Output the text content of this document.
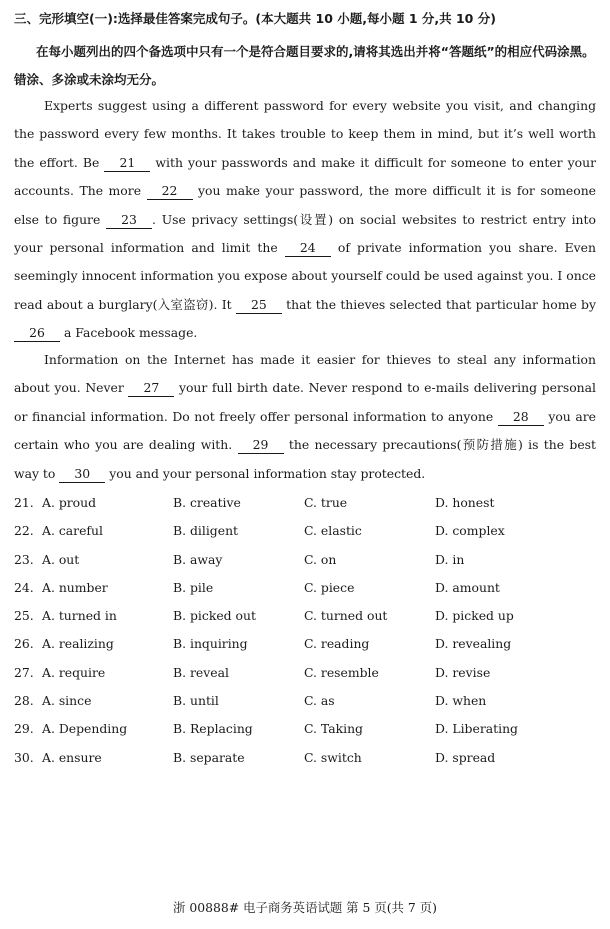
三、完形填空(一):选择最佳答案完成句子。(本大题共 10 小题,每小题 1 分,共 10 分)

在每小题列出的四个备选项中只有一个是符合题目要求的,请将其选出并将“答题纸”的相应代码涂黑。错涂、多涂或未涂均无分。

Experts suggest using a different password for every website you visit, and changing the password every few months. It takes trouble to keep them in mind, but it’s well worth the effort. Be 21 with your passwords and make it difficult for someone to enter your accounts. The more 22 you make your password, the more difficult it is for someone else to figure 23 . Use privacy settings(设置) on social websites to restrict entry into your personal information and limit the 24 of private information you share. Even seemingly innocent information you expose about yourself could be used against you. I once read about a burglary(入室盗窃). It 25 that the thieves selected that particular home by 26 a Facebook message.

Information on the Internet has made it easier for thieves to steal any information about you. Never 27 your full birth date. Never respond to e-mails delivering personal or financial information. Do not freely offer personal information to anyone 28 you are certain who you are dealing with. 29 the necessary precautions(预防措施) is the best way to 30 you and your personal information stay protected.

21. A. proud	B. creative	C. true	D. honest
22. A. careful	B. diligent	C. elastic	D. complex
23. A. out	B. away	C. on	D. in
24. A. number	B. pile	C. piece	D. amount
25. A. turned in	B. picked out	C. turned out	D. picked up
26. A. realizing	B. inquiring	C. reading	D. revealing
27. A. require	B. reveal	C. resemble	D. revise
28. A. since	B. until	C. as	D. when
29. A. Depending	B. Replacing	C. Taking	D. Liberating
30. A. ensure	B. separate	C. switch	D. spread
浙 00888# 电子商务英语试题 第 5 页(共 7 页)
